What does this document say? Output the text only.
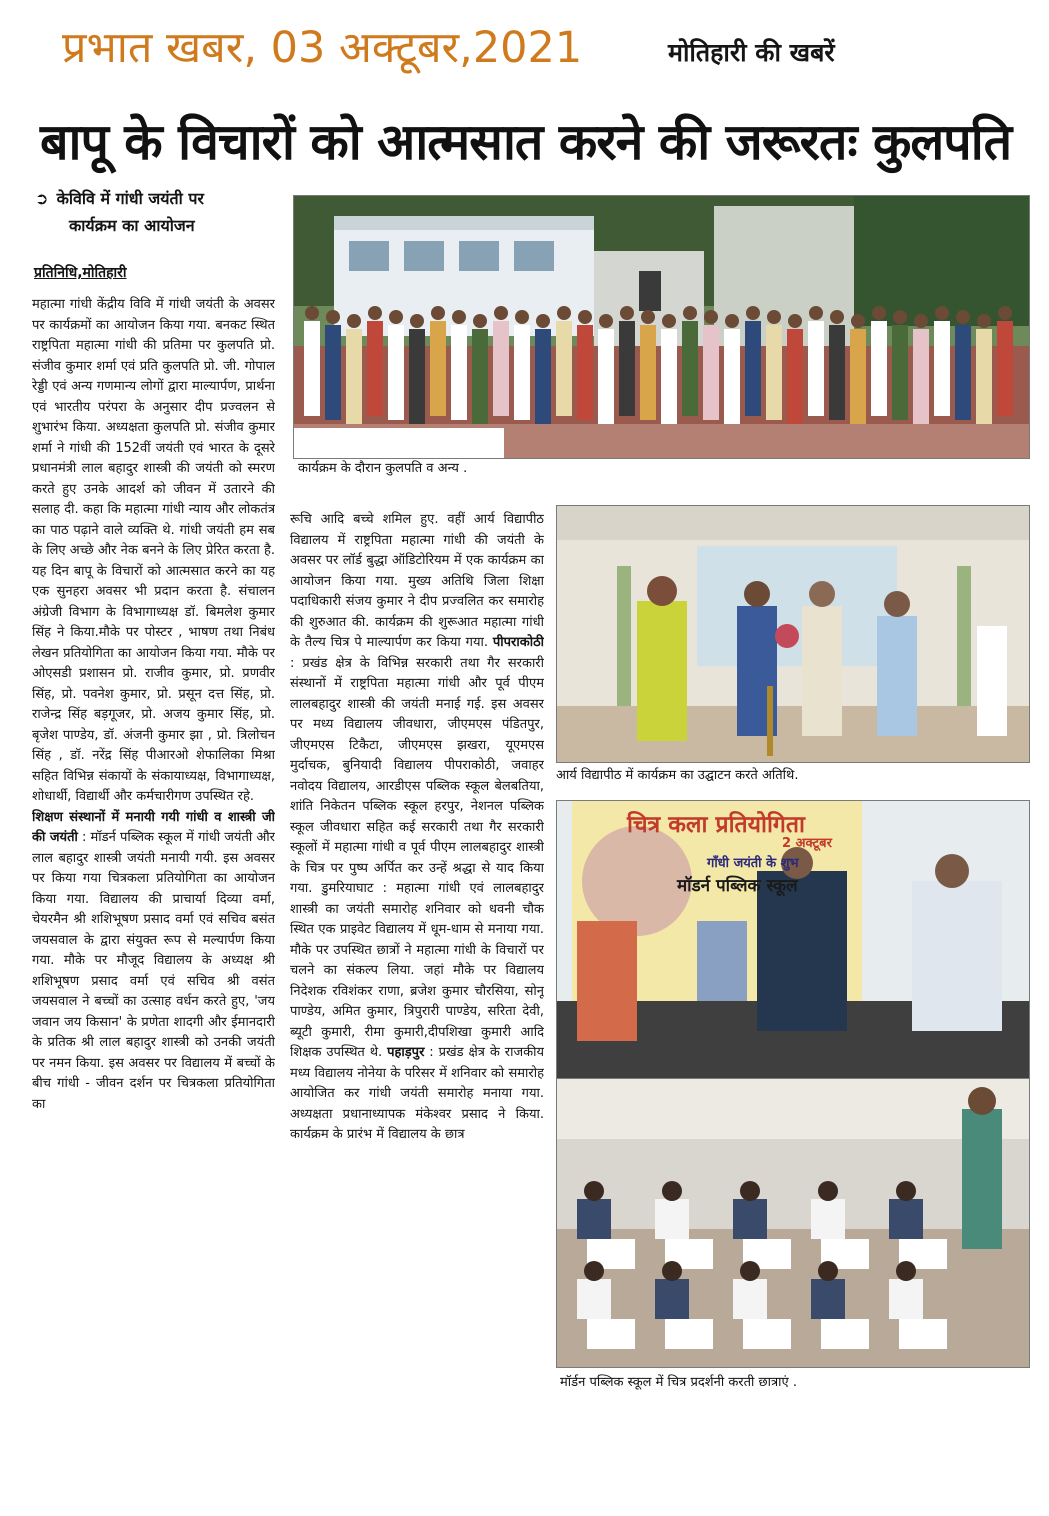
प्रभात खबर, 03 अक्टूबर,2021	मोतिहारी की खबरें
बापू के विचारों को आत्मसात करने की जरूरतः कुलपति
➲ केविवि में गांधी जयंती पर
कार्यक्रम का आयोजन
प्रतिनिधि,मोतिहारी

महात्मा गांधी केंद्रीय विवि में गांधी जयंती के अवसर पर कार्यक्रमों का आयोजन किया गया. बनकट स्थित राष्ट्रपिता महात्मा गांधी की प्रतिमा पर कुलपति प्रो. संजीव कुमार शर्मा एवं प्रति कुलपति प्रो. जी. गोपाल रेड्डी एवं अन्य गणमान्य लोगों द्वारा माल्यार्पण, प्रार्थना एवं भारतीय परंपरा के अनुसार दीप प्रज्वलन से शुभारंभ किया. अध्यक्षता कुलपति प्रो. संजीव कुमार शर्मा ने गांधी की 152वीं जयंती एवं भारत के दूसरे प्रधानमंत्री लाल बहादुर शास्त्री की जयंती को स्मरण करते हुए उनके आदर्श को जीवन में उतारने की सलाह दी. कहा कि महात्मा गांधी न्याय और लोकतंत्र का पाठ पढ़ाने वाले व्यक्ति थे. गांधी जयंती हम सब के लिए अच्छे और नेक बनने के लिए प्रेरित करता है. यह दिन बापू के विचारों को आत्मसात करने का यह एक सुनहरा अवसर भी प्रदान करता है. संचालन अंग्रेजी विभाग के विभागाध्यक्ष डॉ. बिमलेश कुमार सिंह ने किया.मौके पर पोस्टर , भाषण तथा निबंध लेखन प्रतियोगिता का आयोजन किया गया. मौके पर ओएसडी प्रशासन प्रो. राजीव कुमार, प्रो. प्रणवीर सिंह, प्रो. पवनेश कुमार, प्रो. प्रसून दत्त सिंह, प्रो. राजेन्द्र सिंह बड़गूजर, प्रो. अजय कुमार सिंह, प्रो. बृजेश पाण्डेय, डॉ. अंजनी कुमार झा , प्रो. त्रिलोचन सिंह , डॉ. नरेंद्र सिंह पीआरओ शेफालिका मिश्रा सहित विभिन्न संकायों के संकायाध्यक्ष, विभागाध्यक्ष, शोधार्थी, विद्यार्थी और कर्मचारीगण उपस्थित रहे.

शिक्षण संस्थानों में मनायी गयी गांधी व शास्त्री जी की जयंती : मॉडर्न पब्लिक स्कूल में गांधी जयंती और लाल बहादुर शास्त्री जयंती मनायी गयी. इस अवसर पर किया गया चित्रकला प्रतियोगिता का आयोजन किया गया. विद्यालय की प्राचार्या दिव्या वर्मा, चेयरमैन श्री शशिभूषण प्रसाद वर्मा एवं सचिव बसंत जयसवाल के द्वारा संयुक्त रूप से मल्यार्पण किया गया. मौके पर मौजूद विद्यालय के अध्यक्ष श्री शशिभूषण प्रसाद वर्मा एवं सचिव श्री वसंत जयसवाल ने बच्चों का उत्साह वर्धन करते हुए, 'जय जवान जय किसान' के प्रणेता शादगी और ईमानदारी के प्रतिक श्री लाल बहादुर शास्त्री को उनकी जयंती पर नमन किया. इस अवसर पर विद्यालय में बच्चों के बीच गांधी - जीवन दर्शन पर चित्रकला प्रतियोगिता का

रूचि आदि बच्चे शमिल हुए. वहीं आर्य विद्यापीठ विद्यालय में राष्ट्रपिता महात्मा गांधी की जयंती के अवसर पर लॉर्ड बुद्धा ऑडिटोरियम में एक कार्यक्रम का आयोजन किया गया. मुख्य अतिथि जिला शिक्षा पदाधिकारी संजय कुमार ने दीप प्रज्वलित कर समारोह की शुरुआत की. कार्यक्रम की शुरूआत महात्मा गांधी के तैल्य चित्र पे माल्यार्पण कर किया गया. पीपराकोठी : प्रखंड क्षेत्र के विभिन्न सरकारी तथा गैर सरकारी संस्थानों में राष्ट्रपिता महात्मा गांधी और पूर्व पीएम लालबहादुर शास्त्री की जयंती मनाई गई. इस अवसर पर मध्य विद्यालय जीवधारा, जीएमएस पंडितपुर, जीएमएस टिकैटा, जीएमएस झखरा, यूएमएस मुर्दाचक, बुनियादी विद्यालय पीपराकोठी, जवाहर नवोदय विद्यालय, आरडीएस पब्लिक स्कूल बेलबतिया, शांति निकेतन पब्लिक स्कूल हरपुर, नेशनल पब्लिक स्कूल जीवधारा सहित कई सरकारी तथा गैर सरकारी स्कूलों में महात्मा गांधी व पूर्व पीएम लालबहादुर शास्त्री के चित्र पर पुष्प अर्पित कर उन्हें श्रद्धा से याद किया गया. डुमरियाघाट : महात्मा गांधी एवं लालबहादुर शास्त्री का जयंती समारोह शनिवार को धवनी चौक स्थित एक प्राइवेट विद्यालय में धूम-धाम से मनाया गया. मौके पर उपस्थित छात्रों ने महात्मा गांधी के विचारों पर चलने का संकल्प लिया. जहां मौके पर विद्यालय निदेशक रविशंकर राणा, ब्रजेश कुमार चौरसिया, सोनू पाण्डेय, अमित कुमार, त्रिपुरारी पाण्डेय, सरिता देवी, ब्यूटी कुमारी, रीमा कुमारी,दीपशिखा कुमारी आदि शिक्षक उपस्थित थे. पहाड़पुर : प्रखंड क्षेत्र के राजकीय मध्य विद्यालय नोनेया के परिसर में शनिवार को समारोह आयोजित कर गांधी जयंती समारोह मनाया गया. अध्यक्षता प्रधानाध्यापक मंकेश्वर प्रसाद ने किया. कार्यक्रम के प्रारंभ में विद्यालय के छात्र

कार्यक्रम के दौरान कुलपति व अन्य .
आर्य विद्यापीठ में कार्यक्रम का उद्घाटन करते अतिथि.
चित्र कला प्रतियोगिता
2 अक्टूबर
गाँधी जयंती के शुभ
मॉडर्न पब्लिक स्कूल
मॉर्डन पब्लिक स्कूल में चित्र प्रदर्शनी करती छात्राएं .
